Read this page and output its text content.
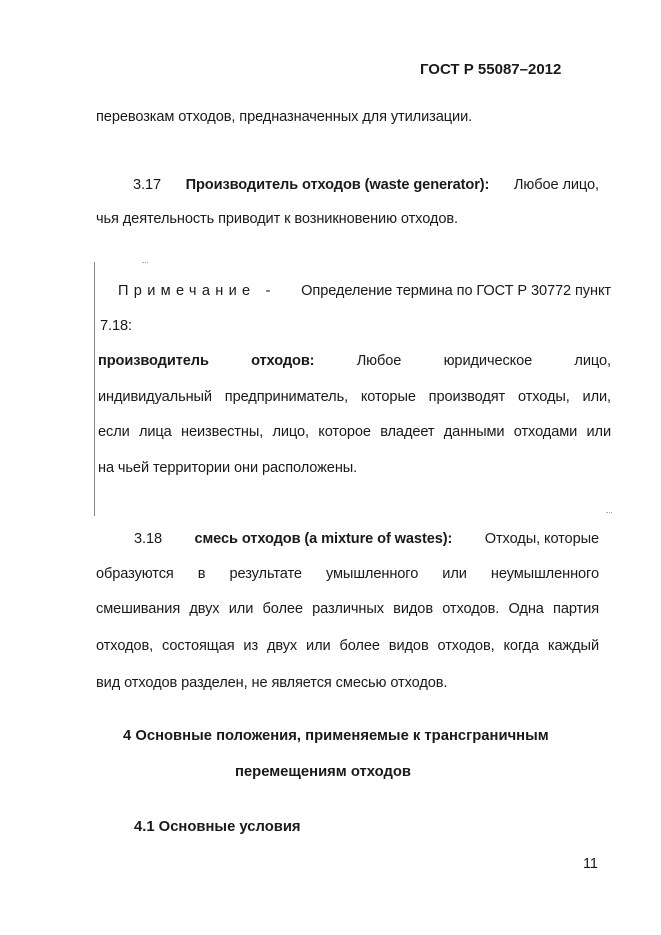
ГОСТ Р 55087–2012
перевозкам отходов, предназначенных для утилизации.
3.17 Производитель отходов (waste generator): Любое лицо,
чья деятельность приводит к возникновению отходов.
Примечание - Определение термина по ГОСТ Р 30772 пункт
7.18:
производитель	отходов:	Любое	юридическое	лицо,
индивидуальный предприниматель, которые производят отходы, или,
если лица неизвестны, лицо, которое владеет данными отходами или
на чьей территории они расположены.
3.18 смесь отходов (a mixture of wastes): Отходы, которые
образуются в результате умышленного или неумышленного
смешивания двух или более различных видов отходов. Одна партия
отходов, состоящая из двух или более видов отходов, когда каждый
вид отходов разделен, не является смесью отходов.
4 Основные положения, применяемые к трансграничным
перемещениям отходов
4.1 Основные условия
11
